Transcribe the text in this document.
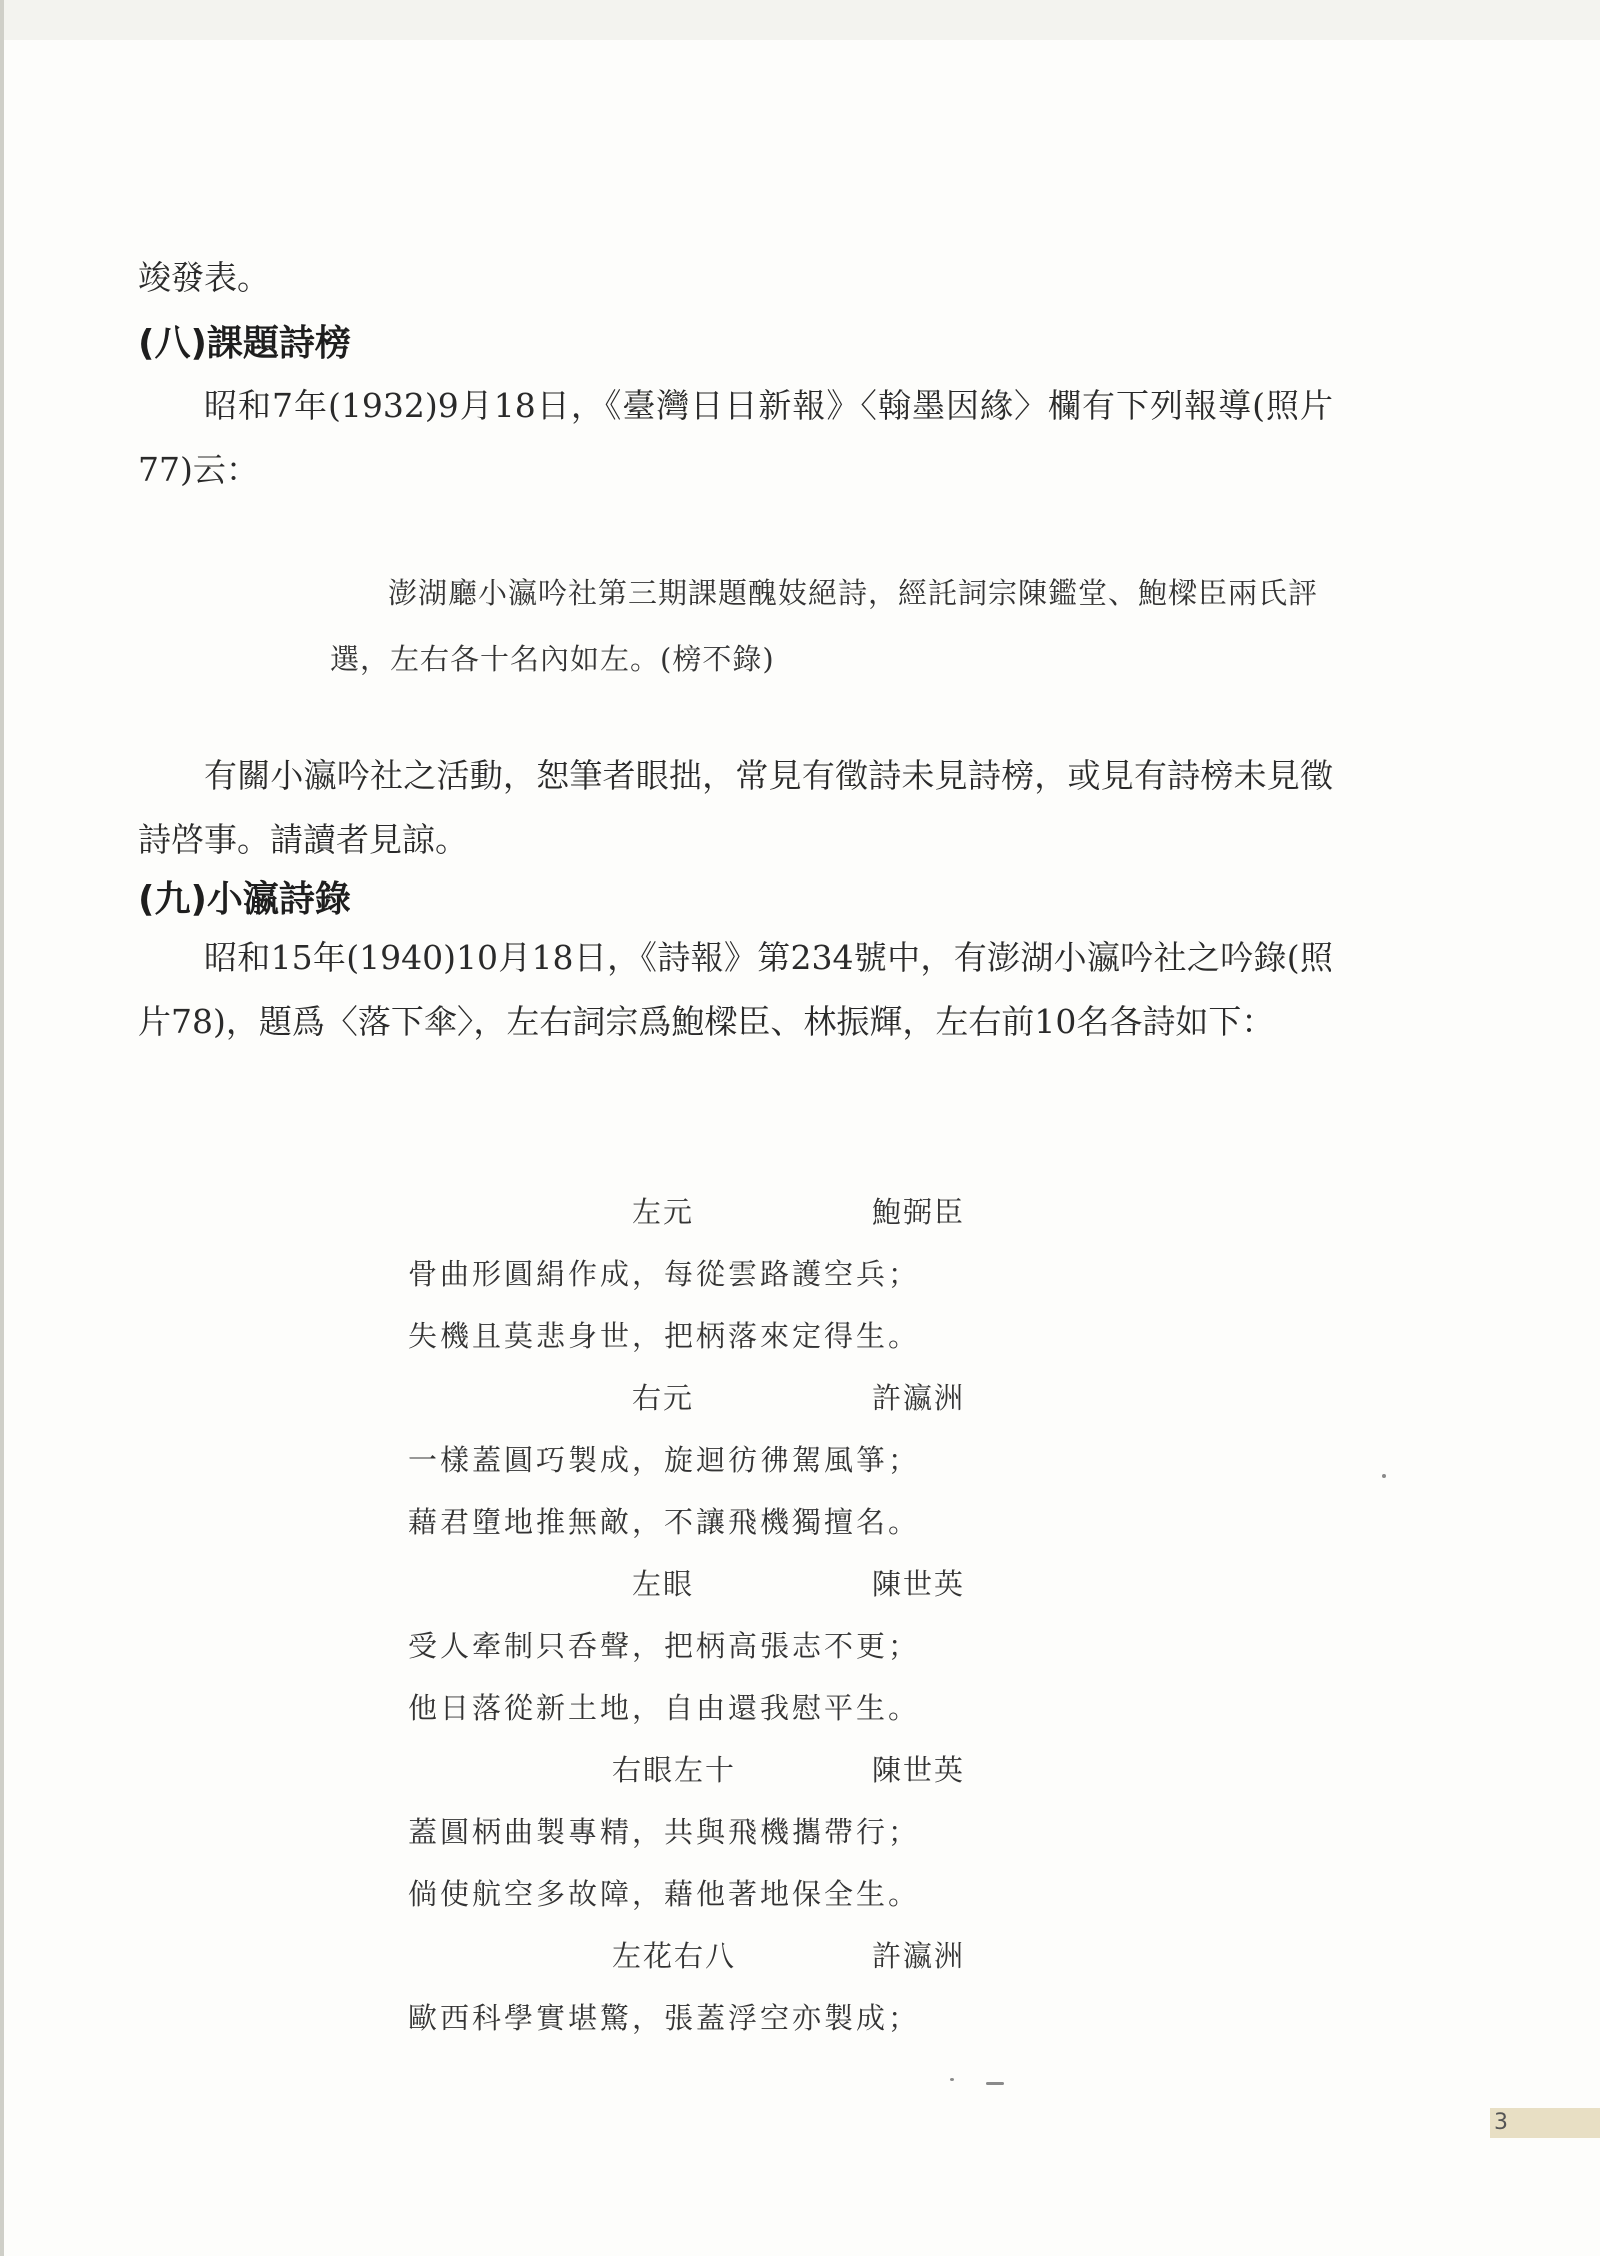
竣發表。

(八)課題詩榜

昭和7年(1932)9月18日，《臺灣日日新報》〈翰墨因緣〉欄有下列報導(照片77)云：

澎湖廳小瀛吟社第三期課題醜妓絕詩，經託詞宗陳鑑堂、鮑樑臣兩氏評選，左右各十名內如左。(榜不錄)

有關小瀛吟社之活動，恕筆者眼拙，常見有徵詩未見詩榜，或見有詩榜未見徵詩啓事。請讀者見諒。

(九)小瀛詩錄

昭和15年(1940)10月18日，《詩報》第234號中，有澎湖小瀛吟社之吟錄(照片78)，題爲〈落下傘〉，左右詞宗爲鮑樑臣、林振輝，左右前10名各詩如下：

左元	鮑弼臣
骨曲形圓絹作成，每從雲路護空兵；
失機且莫悲身世，把柄落來定得生。
右元	許瀛洲
一樣蓋圓巧製成，旋迴彷彿駕風箏；
藉君墮地推無敵，不讓飛機獨擅名。
左眼	陳世英
受人牽制只呑聲，把柄高張志不更；
他日落從新土地，自由還我慰平生。
右眼左十	陳世英
蓋圓柄曲製專精，共與飛機攜帶行；
倘使航空多故障，藉他著地保全生。
左花右八	許瀛洲
歐西科學實堪驚，張蓋浮空亦製成；
3
